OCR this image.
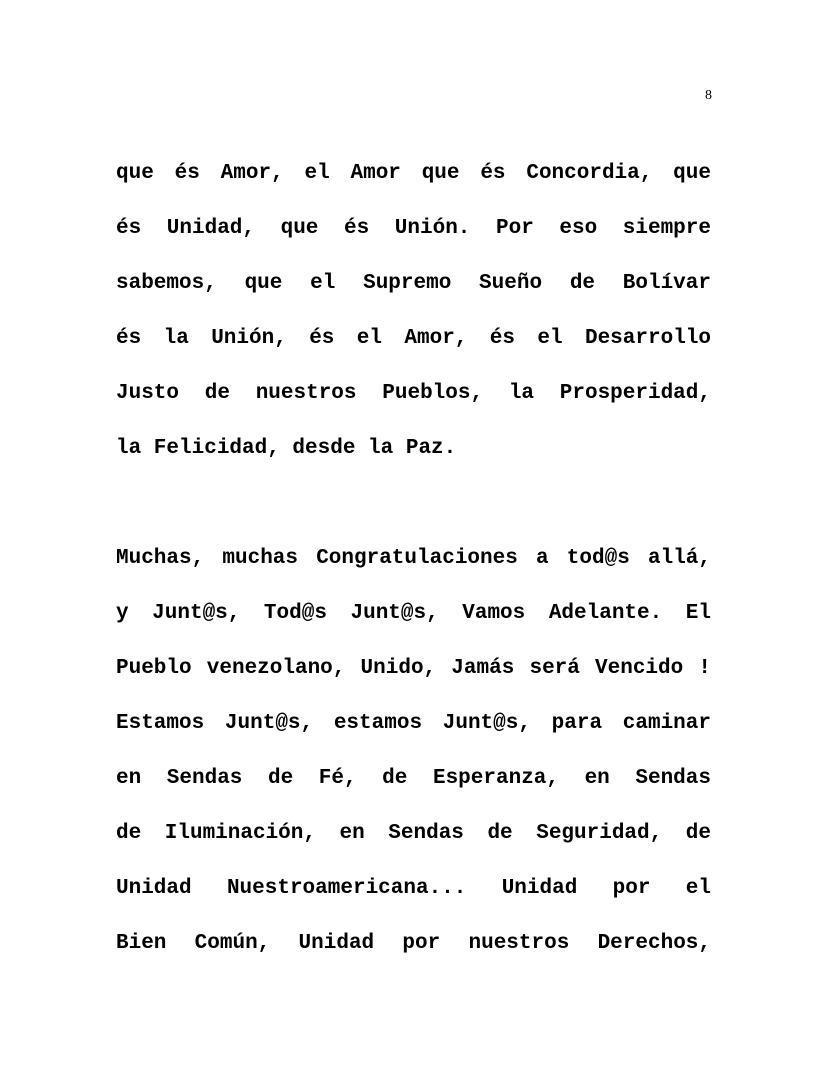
8
que és Amor, el Amor que és Concordia, que
és Unidad, que és Unión. Por eso siempre
sabemos, que el Supremo Sueño de Bolívar
és la Unión, és el Amor, és el Desarrollo
Justo de nuestros Pueblos, la Prosperidad,
la Felicidad, desde la Paz.
Muchas, muchas Congratulaciones a tod@s allá,
y Junt@s, Tod@s Junt@s, Vamos Adelante. El
Pueblo venezolano, Unido, Jamás será Vencido !
Estamos Junt@s, estamos Junt@s, para caminar
en Sendas de Fé, de Esperanza, en Sendas
de Iluminación, en Sendas de Seguridad, de
Unidad Nuestroamericana... Unidad por el
Bien Común, Unidad por nuestros Derechos,
